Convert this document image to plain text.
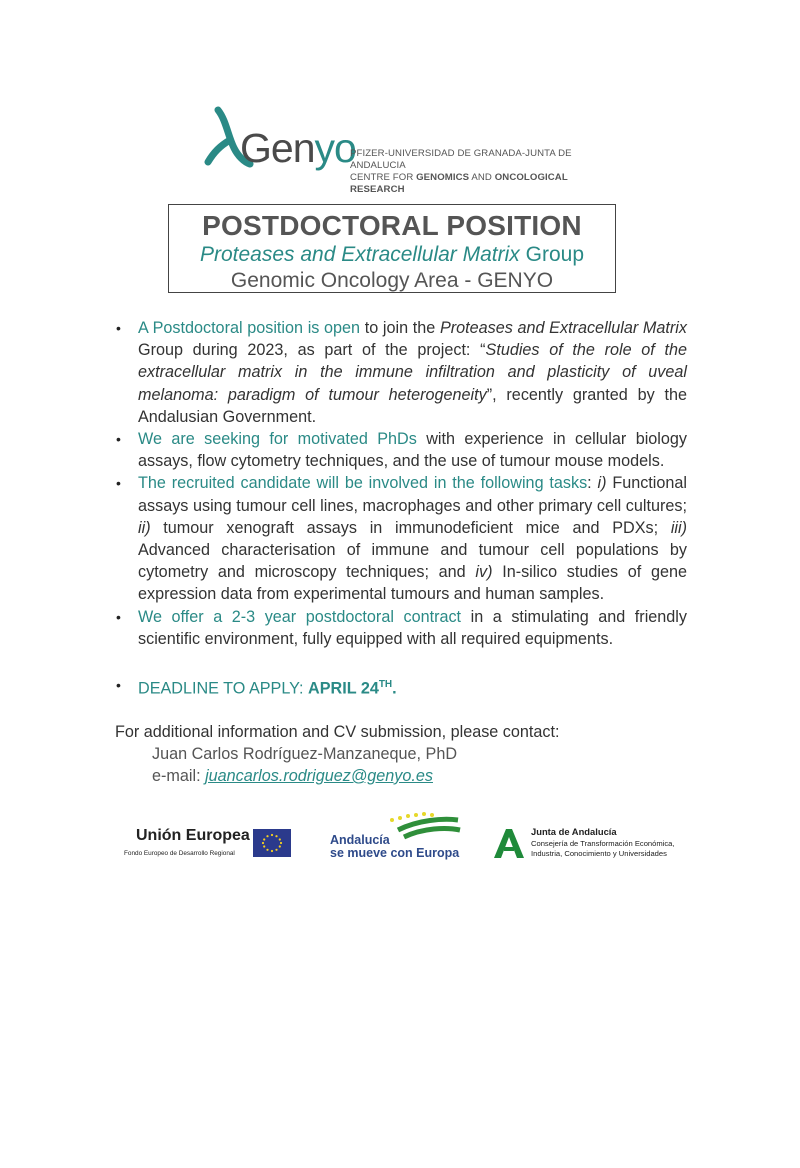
Genyo
PFIZER-UNIVERSIDAD DE GRANADA-JUNTA DE ANDALUCIA
CENTRE FOR GENOMICS AND ONCOLOGICAL RESEARCH
POSTDOCTORAL POSITION
Proteases and Extracellular Matrix Group
Genomic Oncology Area - GENYO
• A Postdoctoral position is open to join the Proteases and Extracellular Matrix Group during 2023, as part of the project: “Studies of the role of the extracellular matrix in the immune infiltration and plasticity of uveal melanoma: paradigm of tumour heterogeneity”, recently granted by the Andalusian Government.
• We are seeking for motivated PhDs with experience in cellular biology assays, flow cytometry techniques, and the use of tumour mouse models.
• The recruited candidate will be involved in the following tasks: i) Functional assays using tumour cell lines, macrophages and other primary cell cultures; ii) tumour xenograft assays in immunodeficient mice and PDXs; iii) Advanced characterisation of immune and tumour cell populations by cytometry and microscopy techniques; and iv) In-silico studies of gene expression data from experimental tumours and human samples.
• We offer a 2-3 year postdoctoral contract in a stimulating and friendly scientific environment, fully equipped with all required equipments.
• DEADLINE TO APPLY: APRIL 24TH.
For additional information and CV submission, please contact:
Juan Carlos Rodríguez-Manzaneque, PhD
e-mail: juancarlos.rodriguez@genyo.es
Unión Europea
Fondo Europeo de Desarrollo Regional
Andalucía
se mueve con Europa
Junta de Andalucía
Consejería de Transformación Económica,
Industria, Conocimiento y Universidades
